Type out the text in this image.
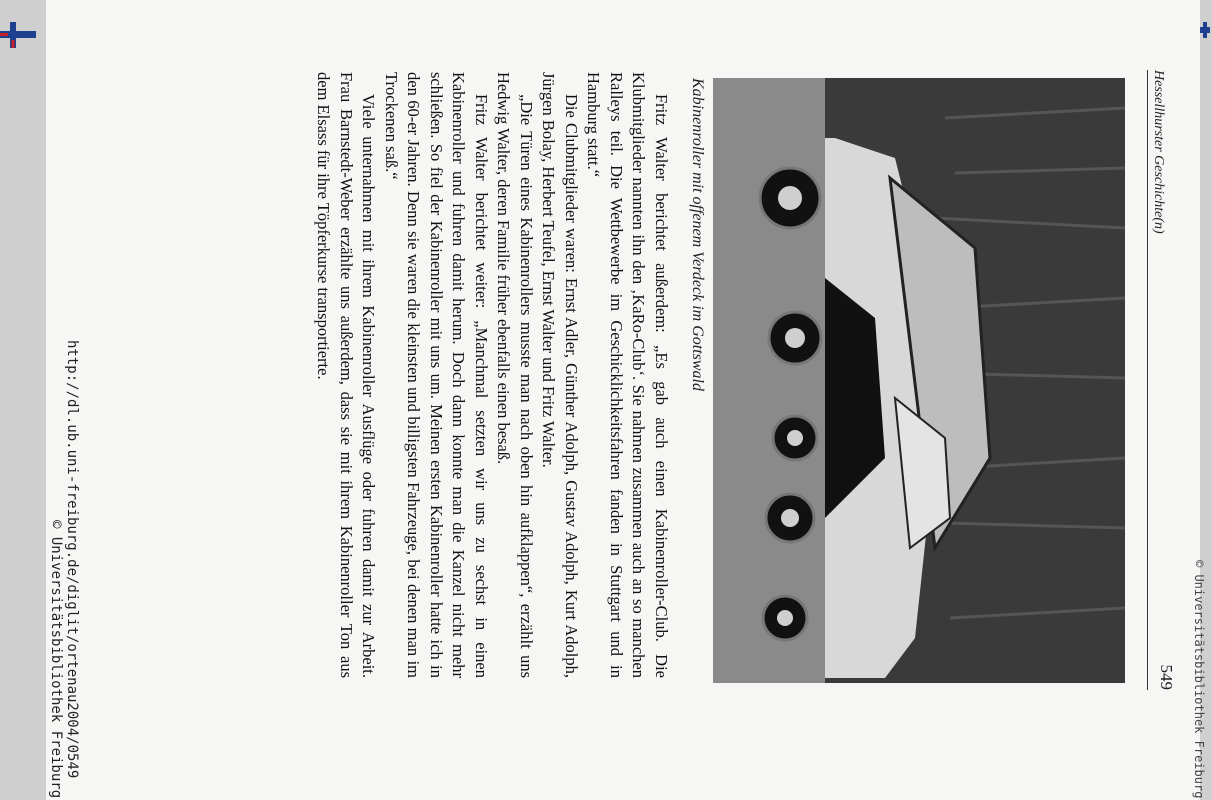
Hessellhurster Geschichte(n)
549
Kabinenroller mit offenem Verdeck im Gottswald

Fritz Walter berichtet außerdem: „Es gab auch einen Kabinenroller-Club. Die Klubmitglieder nannten ihn den ‚KaRo-Club‘. Sie nahmen zusammen auch an so manchen Ralleys teil. Die Wettbewerbe im Geschicklichkeitsfahren fanden in Stuttgart und in Hamburg statt.“

Die Clubmitglieder waren: Ernst Adler, Günther Adolph, Gustav Adolph, Kurt Adolph, Jürgen Bolay, Herbert Teufel, Ernst Walter und Fritz Walter.

„Die Türen eines Kabinenrollers musste man nach oben hin aufklappen“, erzählt uns Hedwig Walter, deren Familie früher ebenfalls einen besaß.

Fritz Walter berichtet weiter: „Manchmal setzten wir uns zu sechst in einen Kabinenroller und fuhren damit herum. Doch dann konnte man die Kanzel nicht mehr schließen. So fiel der Kabinenroller mit uns um. Meinen ersten Kabinenroller hatte ich in den 60-er Jahren. Denn sie waren die kleinsten und billigsten Fahrzeuge, bei denen man im Trockenen saß.“

Viele unternahmen mit ihrem Kabinenroller Ausflüge oder fuhren damit zur Arbeit. Frau Barnstedt-Weber erzählte uns außerdem, dass sie mit ihrem Kabinenroller Ton aus dem Elsass für ihre Töpferkurse transportierte.

http://dl.ub.uni-freiburg.de/diglit/ortenau2004/0549
© Universitätsbibliothek Freiburg	© Universitätsbibliothek Freiburg
